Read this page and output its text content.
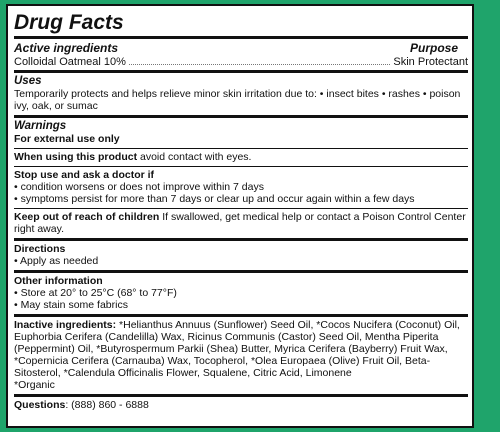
Drug Facts
Active ingredients	Purpose
Colloidal Oatmeal 10%	Skin Protectant
Uses
Temporarily protects and helps relieve minor skin irritation due to: • insect bites • rashes • poison ivy, oak, or sumac
Warnings
For external use only
When using this product avoid contact with eyes.
Stop use and ask a doctor if
• condition worsens or does not improve within 7 days
• symptoms persist for more than 7 days or clear up and occur again within a few days
Keep out of reach of children If swallowed, get medical help or contact a Poison Control Center right away.
Directions
• Apply as needed
Other information
• Store at 20° to 25°C (68° to 77°F)
• May stain some fabrics
Inactive ingredients: *Helianthus Annuus (Sunflower) Seed Oil, *Cocos Nucifera (Coconut) Oil, Euphorbia Cerifera (Candelilla) Wax, Ricinus Communis (Castor) Seed Oil, Mentha Piperita (Peppermint) Oil, *Butyrospermum Parkii (Shea) Butter, Myrica Cerifera (Bayberry) Fruit Wax, *Copernicia Cerifera (Carnauba) Wax, Tocopherol, *Olea Europaea (Olive) Fruit Oil, Beta-Sitosterol, *Calendula Officinalis Flower, Squalene, Citric Acid, Limonene
*Organic
Questions: (888) 860 - 6888
